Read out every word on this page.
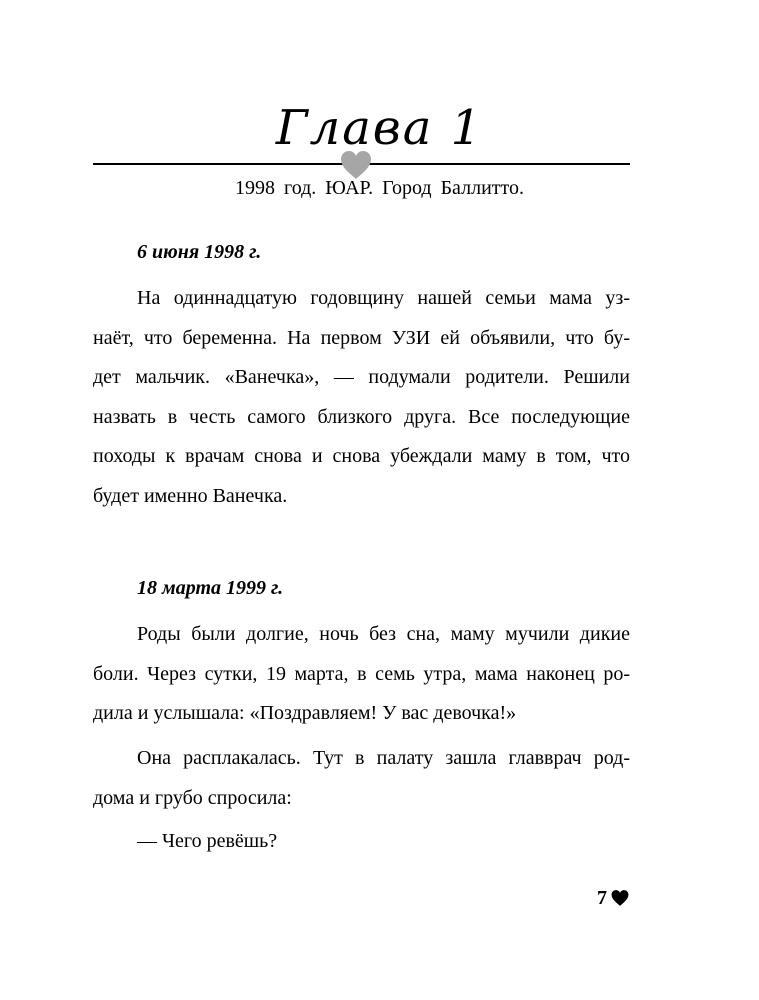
Глава 1

1998 год. ЮАР. Город Баллитто.

6 июня 1998 г.

На одиннадцатую годовщину нашей семьи мама уз-
наёт, что беременна. На первом УЗИ ей объявили, что бу-
дет мальчик. «Ванечка», — подумали родители. Решили
назвать в честь самого близкого друга. Все последующие
походы к врачам снова и снова убеждали маму в том, что
будет именно Ванечка.

18 марта 1999 г.

Роды были долгие, ночь без сна, маму мучили дикие
боли. Через сутки, 19 марта, в семь утра, мама наконец ро-
дила и услышала: «Поздравляем! У вас девочка!»
Она расплакалась. Тут в палату зашла главврач род-
дома и грубо спросила:
— Чего ревёшь?

7
